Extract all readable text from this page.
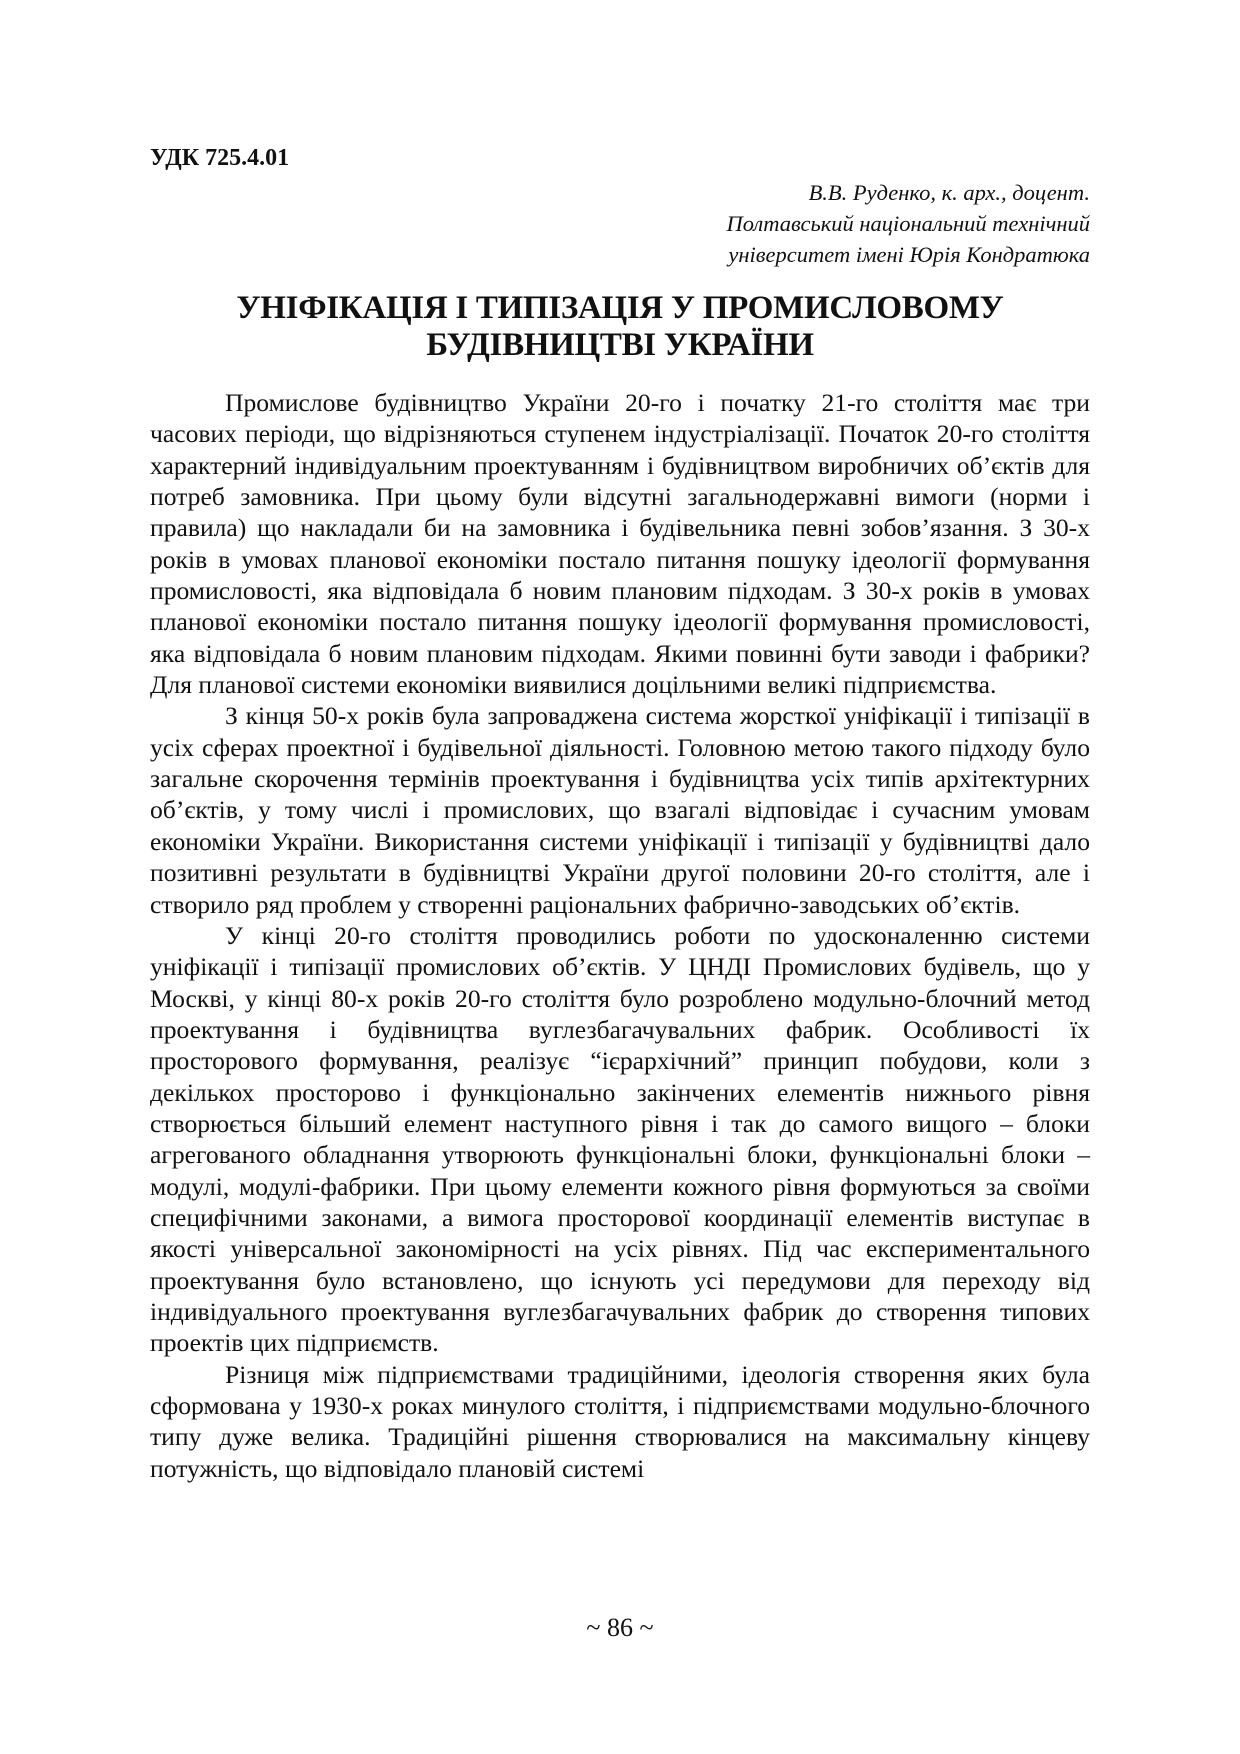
УДК 725.4.01
В.В. Руденко, к. арх., доцент.
Полтавський національний технічний
університет імені Юрія Кондратюка
УНІФІКАЦІЯ І ТИПІЗАЦІЯ У ПРОМИСЛОВОМУ
БУДІВНИЦТВІ УКРАЇНИ

Промислове будівництво України 20-го і початку 21-го століття має три часових періоди, що відрізняються ступенем індустріалізації. Початок 20-го століття характерний індивідуальним проектуванням і будівництвом виробничих об’єктів для потреб замовника. При цьому були відсутні загальнодержавні вимоги (норми і правила) що накладали би на замовника і будівельника певні зобов’язання. З 30-х років в умовах планової економіки постало питання пошуку ідеології формування промисловості, яка відповідала б новим плановим підходам. З 30-х років в умовах планової економіки постало питання пошуку ідеології формування промисловості, яка відповідала б новим плановим підходам. Якими повинні бути заводи і фабрики? Для планової системи економіки виявилися доцільними великі підприємства.

З кінця 50-х років була запроваджена система жорсткої уніфікації і типізації в усіх сферах проектної і будівельної діяльності. Головною метою такого підходу було загальне скорочення термінів проектування і будівництва усіх типів архітектурних об’єктів, у тому числі і промислових, що взагалі відповідає і сучасним умовам економіки України. Використання системи уніфікації і типізації у будівництві дало позитивні результати в будівництві України другої половини 20-го століття, але і створило ряд проблем у створенні раціональних фабрично-заводських об’єктів.

У кінці 20-го століття проводились роботи по удосконаленню системи уніфікації і типізації промислових об’єктів. У ЦНДІ Промислових будівель, що у Москві, у кінці 80-х років 20-го століття було розроблено модульно-блочний метод проектування і будівництва вуглезбагачувальних фабрик. Особливості їх просторового формування, реалізує “ієрархічний” принцип побудови, коли з декількох просторово і функціонально закінчених елементів нижнього рівня створюється більший елемент наступного рівня і так до самого вищого – блоки агрегованого обладнання утворюють функціональні блоки, функціональні блоки – модулі, модулі-фабрики. При цьому елементи кожного рівня формуються за своїми специфічними законами, а вимога просторової координації елементів виступає в якості універсальної закономірності на усіх рівнях. Під час експериментального проектування було встановлено, що існують усі передумови для переходу від індивідуального проектування вуглезбагачувальних фабрик до створення типових проектів цих підприємств.

Різниця між підприємствами традиційними, ідеологія створення яких була сформована у 1930-х роках минулого століття, і підприємствами модульно-блочного типу дуже велика. Традиційні рішення створювалися на максимальну кінцеву потужність, що відповідало плановій системі

~ 86 ~
